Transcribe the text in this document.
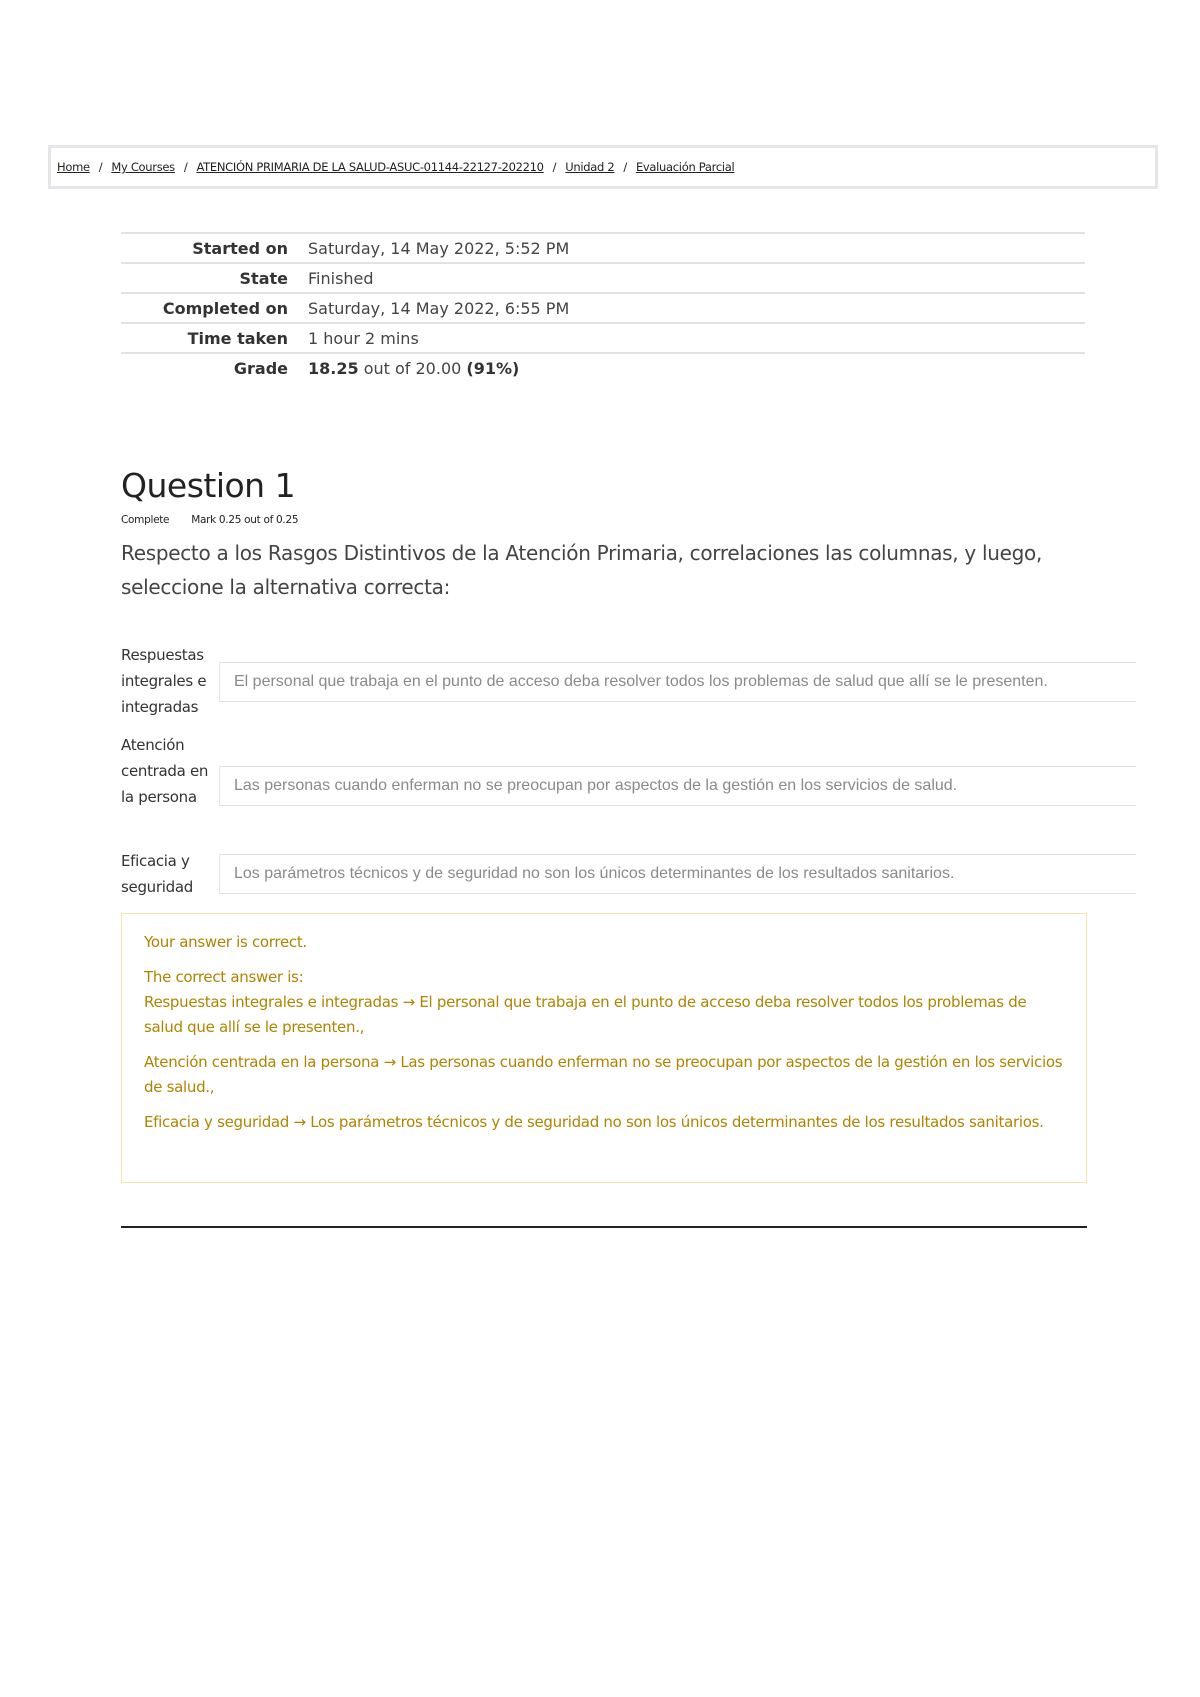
Home / My Courses / ATENCIÓN PRIMARIA DE LA SALUD-ASUC-01144-22127-202210 / Unidad 2 / Evaluación Parcial
Started on	Saturday, 14 May 2022, 5:52 PM
State	Finished
Completed on	Saturday, 14 May 2022, 6:55 PM
Time taken	1 hour 2 mins
Grade	18.25 out of 20.00 (91%)
Question 1
Complete Mark 0.25 out of 0.25
Respecto a los Rasgos Distintivos de la Atención Primaria, correlaciones las columnas, y luego, seleccione la alternativa correcta:
Respuestas integrales e integradas
El personal que trabaja en el punto de acceso deba resolver todos los problemas de salud que allí se le presenten.
Atención centrada en la persona
Las personas cuando enferman no se preocupan por aspectos de la gestión en los servicios de salud.
Eficacia y seguridad
Los parámetros técnicos y de seguridad no son los únicos determinantes de los resultados sanitarios.

Your answer is correct.

The correct answer is:

Respuestas integrales e integradas → El personal que trabaja en el punto de acceso deba resolver todos los problemas de salud que allí se le presenten.,

Atención centrada en la persona → Las personas cuando enferman no se preocupan por aspectos de la gestión en los servicios de salud.,

Eficacia y seguridad → Los parámetros técnicos y de seguridad no son los únicos determinantes de los resultados sanitarios.
